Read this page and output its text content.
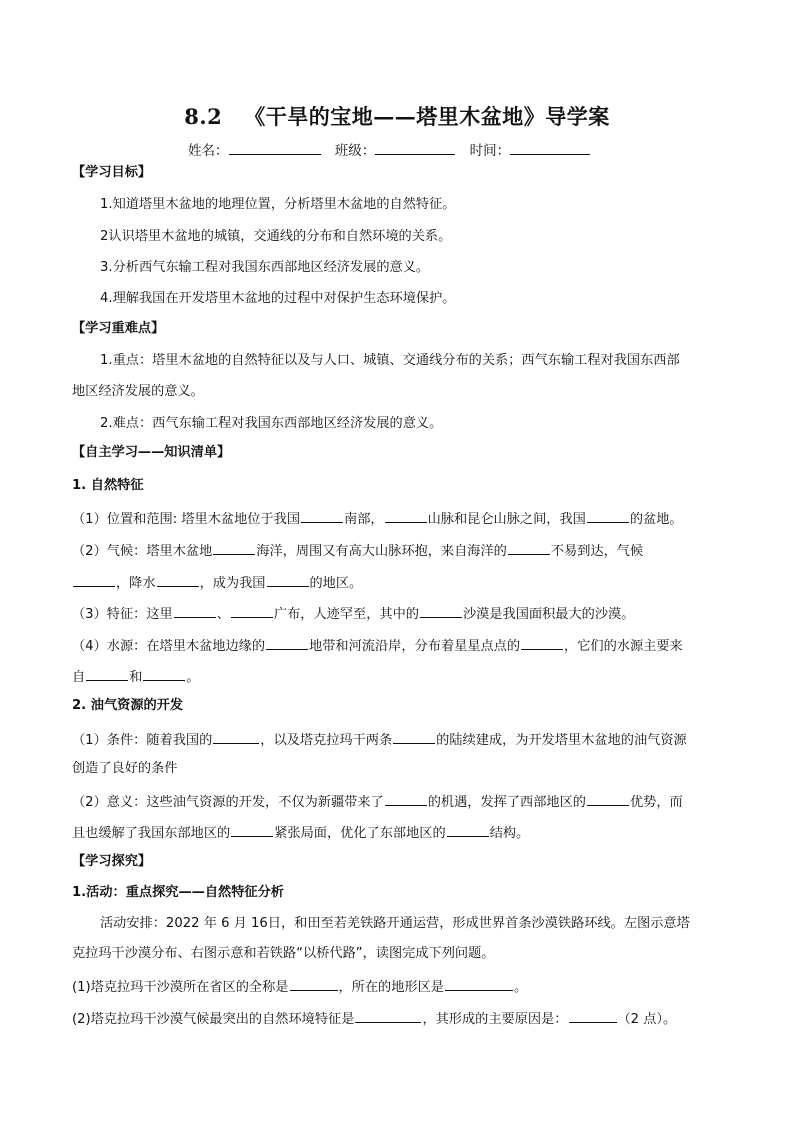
8.2 《干旱的宝地——塔里木盆地》导学案
姓名：	班级：	时间：
【学习目标】
1.知道塔里木盆地的地理位置，分析塔里木盆地的自然特征。
2认识塔里木盆地的城镇，交通线的分布和自然环境的关系。
3.分析西气东输工程对我国东西部地区经济发展的意义。
4.理解我国在开发塔里木盆地的过程中对保护生态环境保护。
【学习重难点】
1.重点：塔里木盆地的自然特征以及与人口、城镇、交通线分布的关系；西气东输工程对我国东西部
地区经济发展的意义。
2.难点：西气东输工程对我国东西部地区经济发展的意义。
【自主学习——知识清单】
1. 自然特征
（1）位置和范围: 塔里木盆地位于我国	南部，	山脉和昆仑山脉之间，我国	的盆地。
（2）气候：塔里木盆地	海洋，周围又有高大山脉环抱，来自海洋的	不易到达，气候
，降水	，成为我国	的地区。
（3）特征：这里	、	广布，人迹罕至，其中的	沙漠是我国面积最大的沙漠。
（4）水源：在塔里木盆地边缘的	地带和河流沿岸，分布着星星点点的	，它们的水源主要来
自	和	。
2. 油气资源的开发
（1）条件：随着我国的	，以及塔克拉玛干两条	的陆续建成，为开发塔里木盆地的油气资源
创造了良好的条件
（2）意义：这些油气资源的开发，不仅为新疆带来了	的机遇，发挥了西部地区的	优势，而
且也缓解了我国东部地区的	紧张局面，优化了东部地区的	结构。
【学习探究】
1.活动：重点探究——自然特征分析
活动安排：2022 年 6 月 16日，和田至若羌铁路开通运营，形成世界首条沙漠铁路环线。左图示意塔
克拉玛干沙漠分布、右图示意和若铁路“以桥代路”，读图完成下列问题。
(1)塔克拉玛干沙漠所在省区的全称是	，所在的地形区是	。
(2)塔克拉玛干沙漠气候最突出的自然环境特征是	，其形成的主要原因是：	（2 点）。
